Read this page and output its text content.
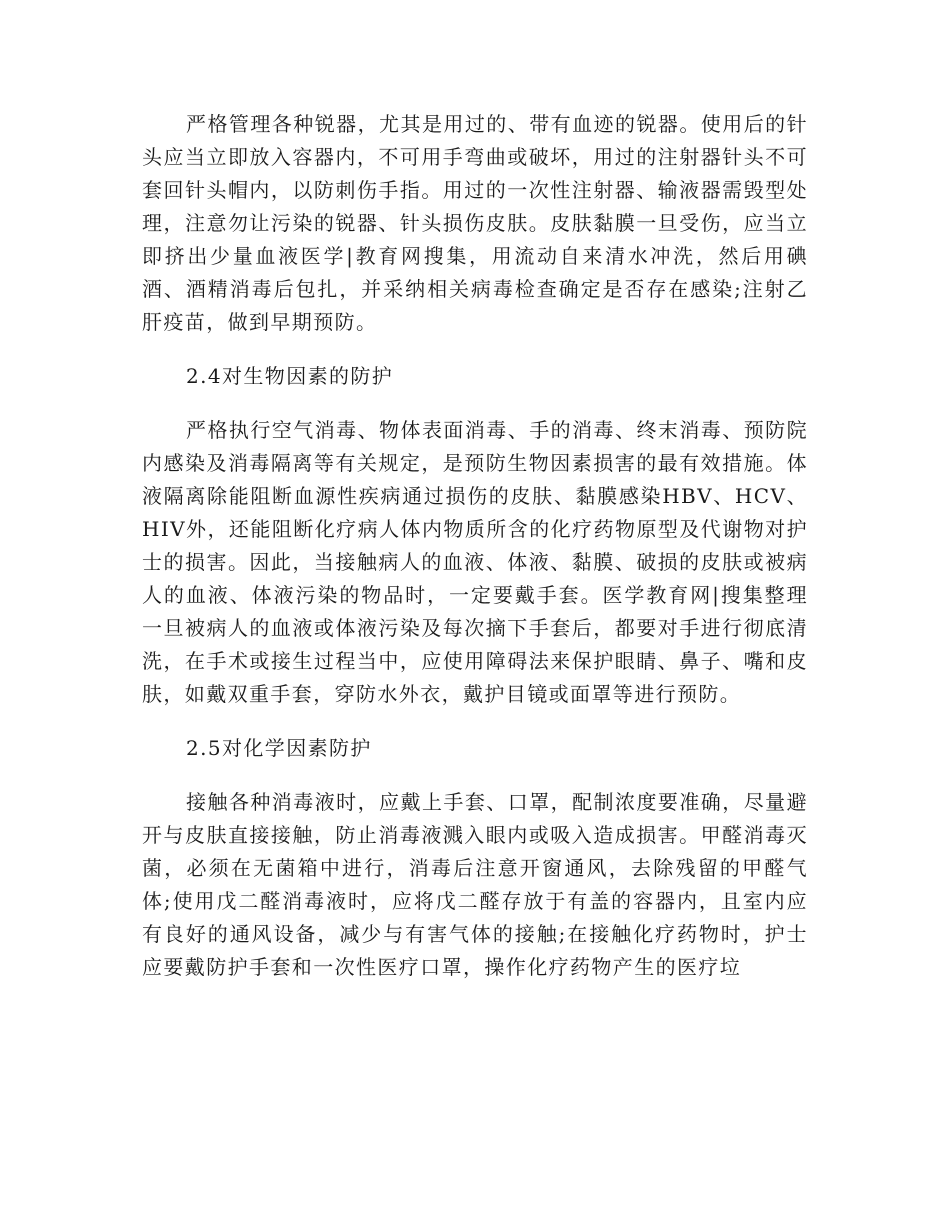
严格管理各种锐器，尤其是用过的、带有血迹的锐器。使用后的针头应当立即放入容器内，不可用手弯曲或破坏，用过的注射器针头不可套回针头帽内，以防刺伤手指。用过的一次性注射器、输液器需毁型处理，注意勿让污染的锐器、针头损伤皮肤。皮肤黏膜一旦受伤，应当立即挤出少量血液医学|教育网搜集，用流动自来清水冲洗，然后用碘酒、酒精消毒后包扎，并采纳相关病毒检查确定是否存在感染;注射乙肝疫苗，做到早期预防。

2.4对生物因素的防护

严格执行空气消毒、物体表面消毒、手的消毒、终末消毒、预防院内感染及消毒隔离等有关规定，是预防生物因素损害的最有效措施。体液隔离除能阻断血源性疾病通过损伤的皮肤、黏膜感染HBV、HCV、HIV外，还能阻断化疗病人体内物质所含的化疗药物原型及代谢物对护士的损害。因此，当接触病人的血液、体液、黏膜、破损的皮肤或被病人的血液、体液污染的物品时，一定要戴手套。医学教育网|搜集整理一旦被病人的血液或体液污染及每次摘下手套后，都要对手进行彻底清洗，在手术或接生过程当中，应使用障碍法来保护眼睛、鼻子、嘴和皮肤，如戴双重手套，穿防水外衣，戴护目镜或面罩等进行预防。

2.5对化学因素防护

接触各种消毒液时，应戴上手套、口罩，配制浓度要准确，尽量避开与皮肤直接接触，防止消毒液溅入眼内或吸入造成损害。甲醛消毒灭菌，必须在无菌箱中进行，消毒后注意开窗通风，去除残留的甲醛气体;使用戊二醛消毒液时，应将戊二醛存放于有盖的容器内，且室内应有良好的通风设备，减少与有害气体的接触;在接触化疗药物时，护士应要戴防护手套和一次性医疗口罩，操作化疗药物产生的医疗垃
